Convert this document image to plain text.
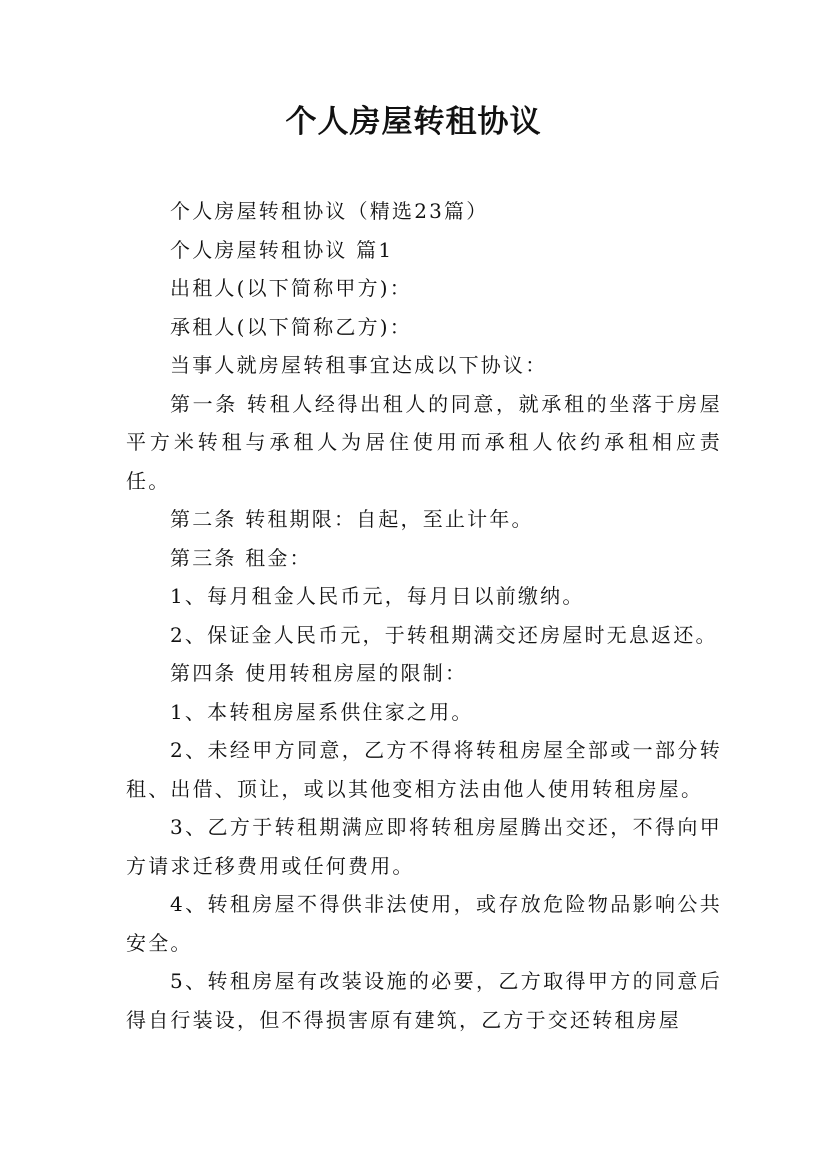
个人房屋转租协议

个人房屋转租协议（精选23篇）

个人房屋转租协议 篇1

出租人(以下简称甲方)：

承租人(以下简称乙方)：

当事人就房屋转租事宜达成以下协议：

第一条 转租人经得出租人的同意，就承租的坐落于房屋平方米转租与承租人为居住使用而承租人依约承租相应责任。

第二条 转租期限：自起，至止计年。

第三条 租金：

1、每月租金人民币元，每月日以前缴纳。

2、保证金人民币元，于转租期满交还房屋时无息返还。

第四条 使用转租房屋的限制：

1、本转租房屋系供住家之用。

2、未经甲方同意，乙方不得将转租房屋全部或一部分转租、出借、顶让，或以其他变相方法由他人使用转租房屋。

3、乙方于转租期满应即将转租房屋腾出交还，不得向甲方请求迁移费用或任何费用。

4、转租房屋不得供非法使用，或存放危险物品影响公共安全。

5、转租房屋有改装设施的必要，乙方取得甲方的同意后得自行装设，但不得损害原有建筑，乙方于交还转租房屋
